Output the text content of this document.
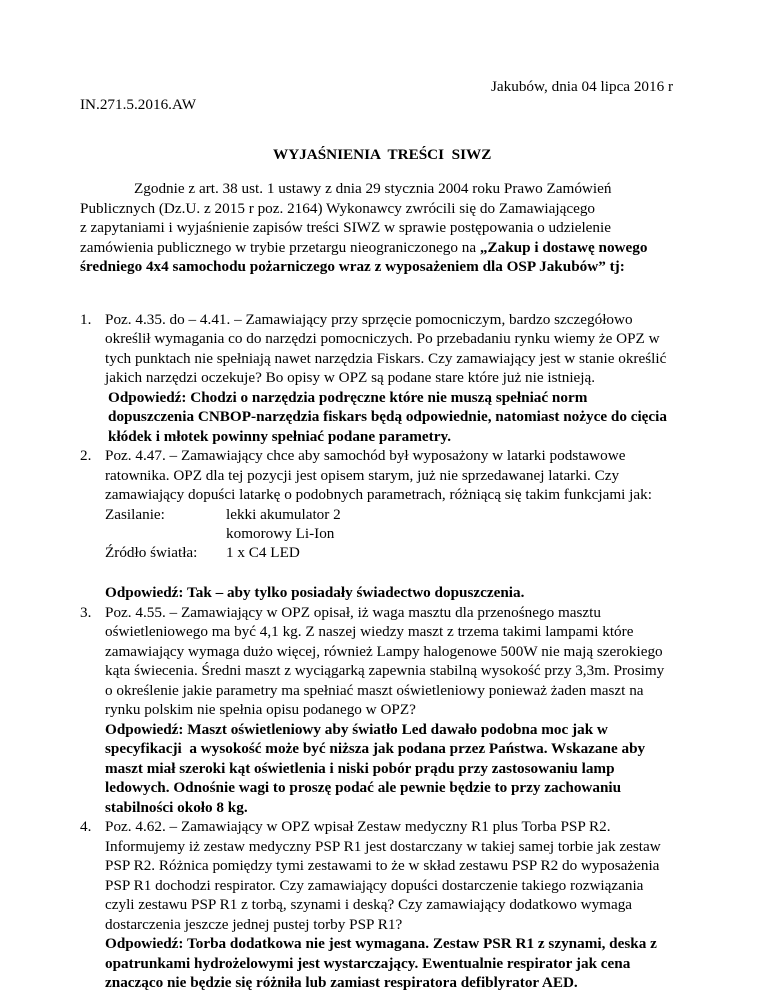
Jakubów, dnia 04 lipca 2016 r
IN.271.5.2016.AW
WYJAŚNIENIA  TREŚCI  SIWZ
Zgodnie z art. 38 ust. 1 ustawy z dnia 29 stycznia 2004 roku Prawo Zamówień
Publicznych (Dz.U. z 2015 r poz. 2164) Wykonawcy zwrócili się do Zamawiającego
z zapytaniami i wyjaśnienie zapisów treści SIWZ w sprawie postępowania o udzielenie
zamówienia publicznego w trybie przetargu nieograniczonego na „Zakup i dostawę nowego
średniego 4x4 samochodu pożarniczego wraz z wyposażeniem dla OSP Jakubów” tj:
1. Poz. 4.35. do – 4.41. – Zamawiający przy sprzęcie pomocniczym, bardzo szczegółowo
określił wymagania co do narzędzi pomocniczych. Po przebadaniu rynku wiemy że OPZ w
tych punktach nie spełniają nawet narzędzia Fiskars. Czy zamawiający jest w stanie określić
jakich narzędzi oczekuje? Bo opisy w OPZ są podane stare które już nie istnieją.
Odpowiedź: Chodzi o narzędzia podręczne które nie muszą spełniać norm
dopuszczenia CNBOP-narzędzia fiskars będą odpowiednie, natomiast nożyce do cięcia
kłódek i młotek powinny spełniać podane parametry.
2. Poz. 4.47. – Zamawiający chce aby samochód był wyposażony w latarki podstawowe
ratownika. OPZ dla tej pozycji jest opisem starym, już nie sprzedawanej latarki. Czy
zamawiający dopuści latarkę o podobnych parametrach, różniącą się takim funkcjami jak:
Zasilanie:	lekki akumulator 2
komorowy Li-Ion
Źródło światła: 1 x C4 LED
Odpowiedź: Tak – aby tylko posiadały świadectwo dopuszczenia.
3. Poz. 4.55. – Zamawiający w OPZ opisał, iż waga masztu dla przenośnego masztu
oświetleniowego ma być 4,1 kg. Z naszej wiedzy maszt z trzema takimi lampami które
zamawiający wymaga dużo więcej, również Lampy halogenowe 500W nie mają szerokiego
kąta świecenia. Średni maszt z wyciągarką zapewnia stabilną wysokość przy 3,3m. Prosimy
o określenie jakie parametry ma spełniać maszt oświetleniowy ponieważ żaden maszt na
rynku polskim nie spełnia opisu podanego w OPZ?
Odpowiedź: Maszt oświetleniowy aby światło Led dawało podobna moc jak w
specyfikacji  a wysokość może być niższa jak podana przez Państwa. Wskazane aby
maszt miał szeroki kąt oświetlenia i niski pobór prądu przy zastosowaniu lamp
ledowych. Odnośnie wagi to proszę podać ale pewnie będzie to przy zachowaniu
stabilności około 8 kg.
4. Poz. 4.62. – Zamawiający w OPZ wpisał Zestaw medyczny R1 plus Torba PSP R2.
Informujemy iż zestaw medyczny PSP R1 jest dostarczany w takiej samej torbie jak zestaw
PSP R2. Różnica pomiędzy tymi zestawami to że w skład zestawu PSP R2 do wyposażenia
PSP R1 dochodzi respirator. Czy zamawiający dopuści dostarczenie takiego rozwiązania
czyli zestawu PSP R1 z torbą, szynami i deską? Czy zamawiający dodatkowo wymaga
dostarczenia jeszcze jednej pustej torby PSP R1?
Odpowiedź: Torba dodatkowa nie jest wymagana. Zestaw PSR R1 z szynami, deska z
opatrunkami hydrożelowymi jest wystarczający. Ewentualnie respirator jak cena
znacząco nie będzie się różniła lub zamiast respiratora defiblyrator AED.
